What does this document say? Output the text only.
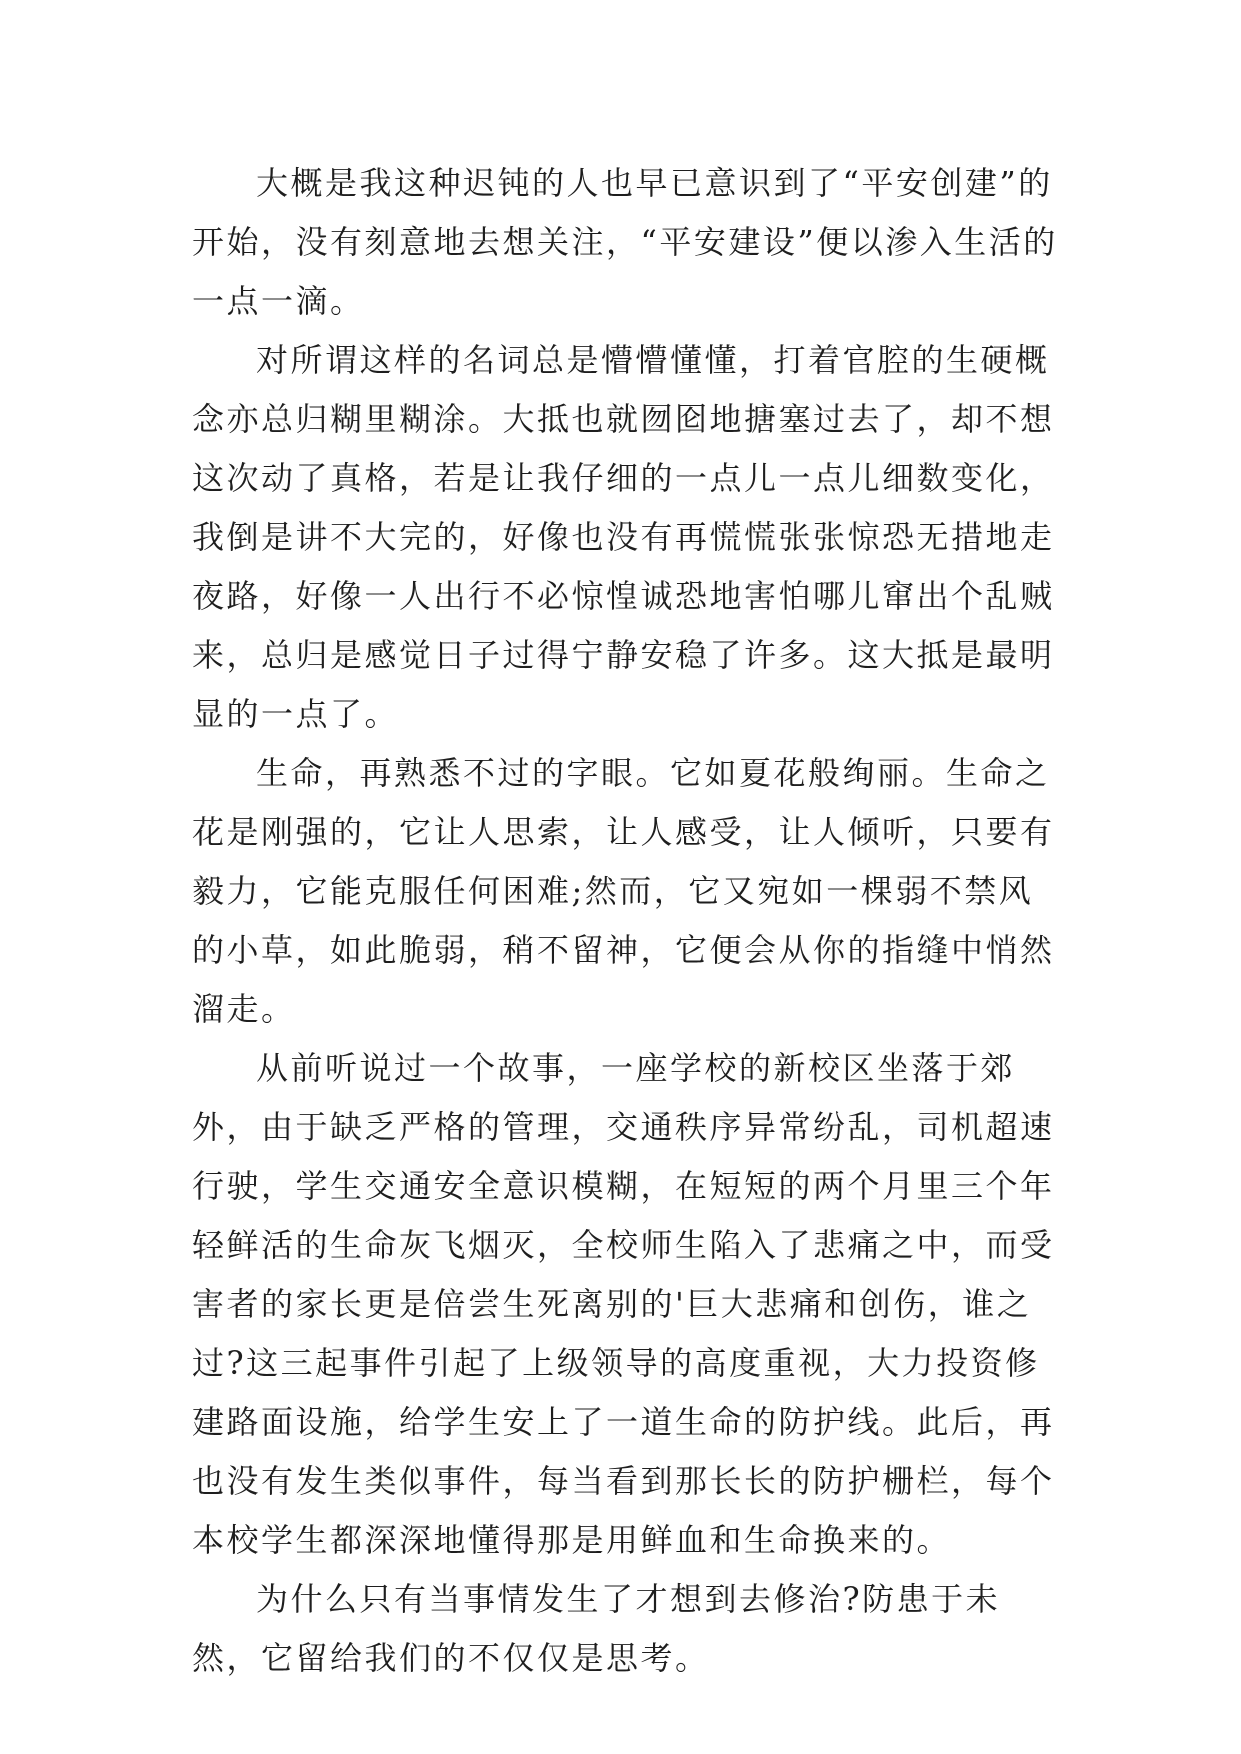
大概是我这种迟钝的人也早已意识到了“平安创建”的开始，没有刻意地去想关注，“平安建设”便以渗入生活的一点一滴。

对所谓这样的名词总是懵懵懂懂，打着官腔的生硬概念亦总归糊里糊涂。大抵也就囫囵地搪塞过去了，却不想这次动了真格，若是让我仔细的一点儿一点儿细数变化，我倒是讲不大完的，好像也没有再慌慌张张惊恐无措地走夜路，好像一人出行不必惊惶诚恐地害怕哪儿窜出个乱贼来，总归是感觉日子过得宁静安稳了许多。这大抵是最明显的一点了。

生命，再熟悉不过的字眼。它如夏花般绚丽。生命之花是刚强的，它让人思索，让人感受，让人倾听，只要有毅力，它能克服任何困难;然而，它又宛如一棵弱不禁风的小草，如此脆弱，稍不留神，它便会从你的指缝中悄然溜走。

从前听说过一个故事，一座学校的新校区坐落于郊外，由于缺乏严格的管理，交通秩序异常纷乱，司机超速行驶，学生交通安全意识模糊，在短短的两个月里三个年轻鲜活的生命灰飞烟灭，全校师生陷入了悲痛之中，而受害者的家长更是倍尝生死离别的'巨大悲痛和创伤，谁之过?这三起事件引起了上级领导的高度重视，大力投资修建路面设施，给学生安上了一道生命的防护线。此后，再也没有发生类似事件，每当看到那长长的防护栅栏，每个本校学生都深深地懂得那是用鲜血和生命换来的。

为什么只有当事情发生了才想到去修治?防患于未然，它留给我们的不仅仅是思考。
